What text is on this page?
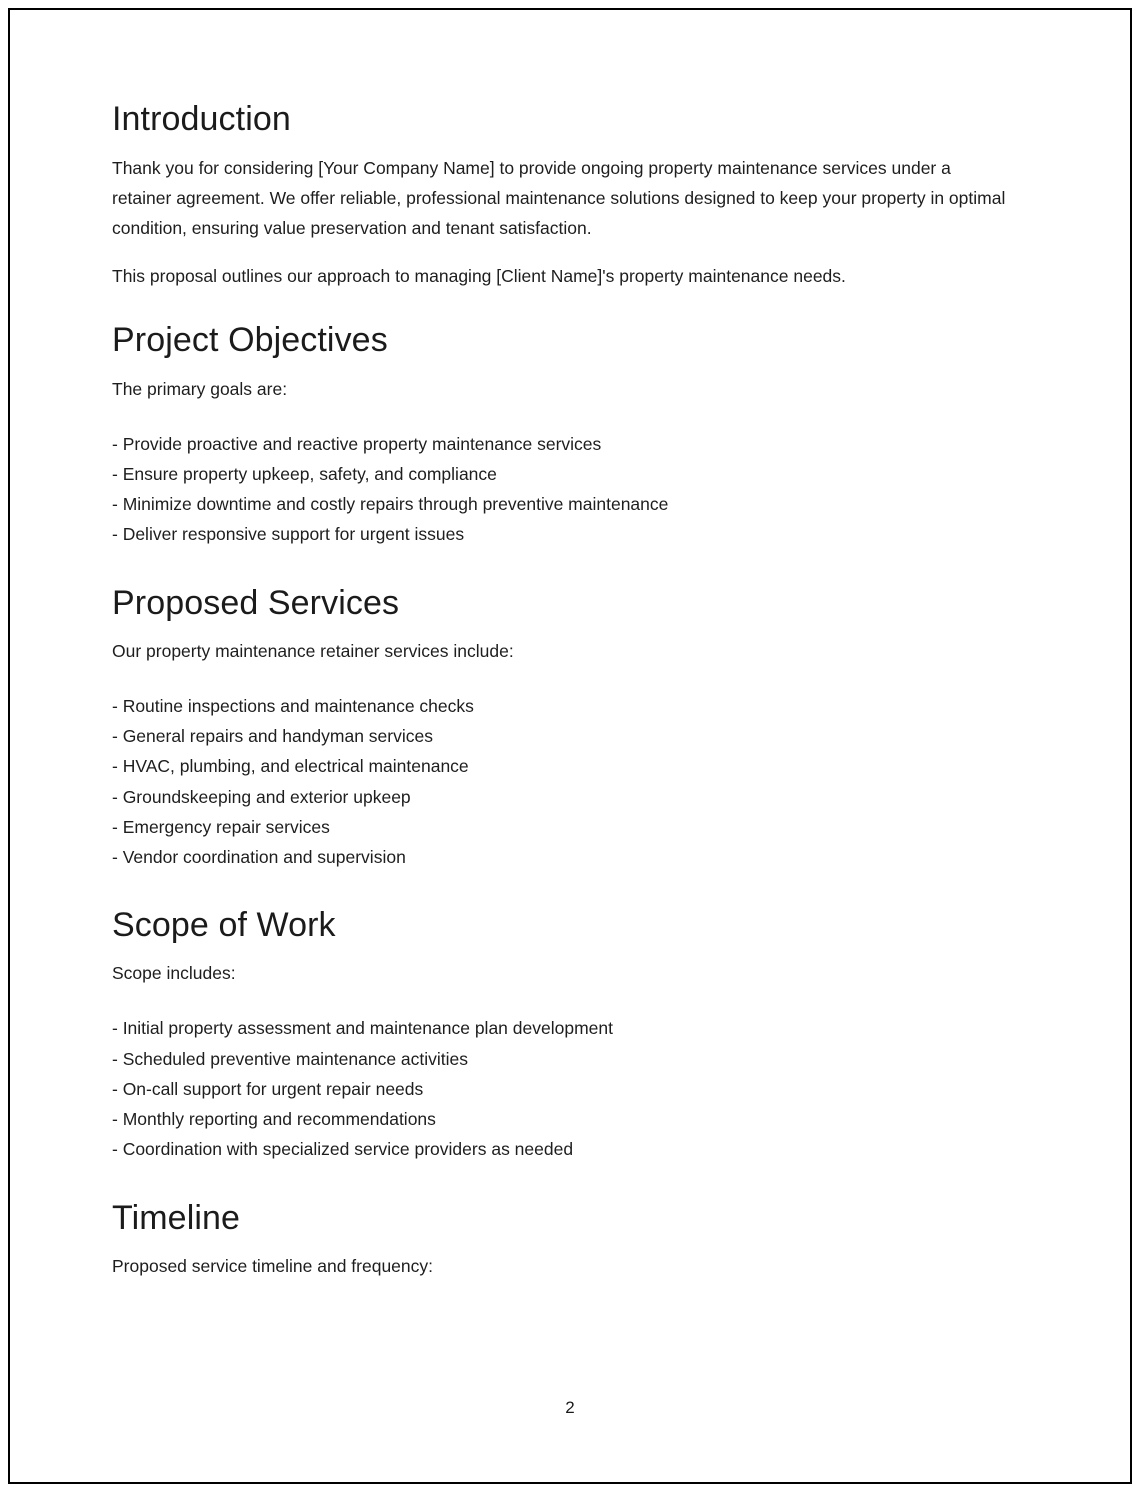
Introduction

Thank you for considering [Your Company Name] to provide ongoing property maintenance services under a retainer agreement. We offer reliable, professional maintenance solutions designed to keep your property in optimal condition, ensuring value preservation and tenant satisfaction.

This proposal outlines our approach to managing [Client Name]'s property maintenance needs.

Project Objectives

The primary goals are:

- Provide proactive and reactive property maintenance services
- Ensure property upkeep, safety, and compliance
- Minimize downtime and costly repairs through preventive maintenance
- Deliver responsive support for urgent issues
Proposed Services

Our property maintenance retainer services include:

- Routine inspections and maintenance checks
- General repairs and handyman services
- HVAC, plumbing, and electrical maintenance
- Groundskeeping and exterior upkeep
- Emergency repair services
- Vendor coordination and supervision
Scope of Work

Scope includes:

- Initial property assessment and maintenance plan development
- Scheduled preventive maintenance activities
- On-call support for urgent repair needs
- Monthly reporting and recommendations
- Coordination with specialized service providers as needed
Timeline

Proposed service timeline and frequency:

2
